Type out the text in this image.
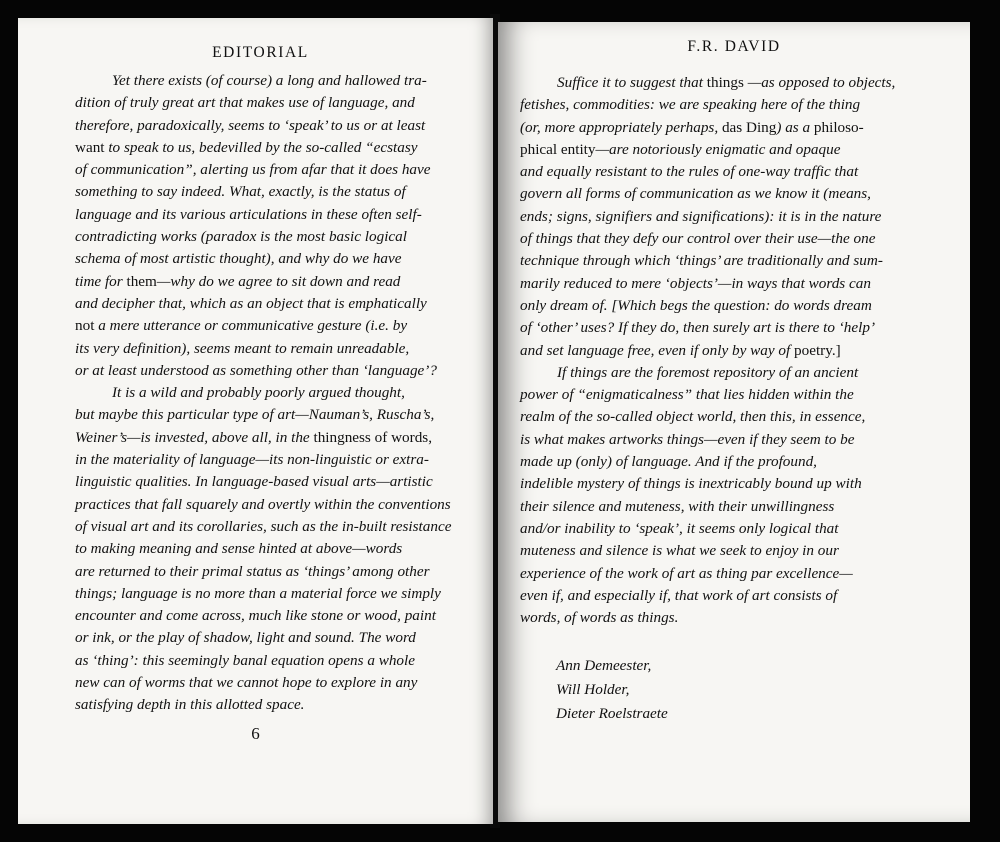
EDITORIAL
Yet there exists (of course) a long and hallowed tra-
dition of truly great art that makes use of language, and
therefore, paradoxically, seems to ‘speak’ to us or at least
want to speak to us, bedevilled by the so-called “ecstasy
of communication”, alerting us from afar that it does have
something to say indeed. What, exactly, is the status of
language and its various articulations in these often self-
contradicting works (paradox is the most basic logical
schema of most artistic thought), and why do we have
time for them—why do we agree to sit down and read
and decipher that, which as an object that is emphatically
not a mere utterance or communicative gesture (i.e. by
its very definition), seems meant to remain unreadable,
or at least understood as something other than ‘language’?
It is a wild and probably poorly argued thought,
but maybe this particular type of art—Nauman’s, Ruscha’s,
Weiner’s—is invested, above all, in the thingness of words,
in the materiality of language—its non-linguistic or extra-
linguistic qualities. In language-based visual arts—artistic
practices that fall squarely and overtly within the conventions
of visual art and its corollaries, such as the in-built resistance
to making meaning and sense hinted at above—words
are returned to their primal status as ‘things’ among other
things; language is no more than a material force we simply
encounter and come across, much like stone or wood, paint
or ink, or the play of shadow, light and sound. The word
as ‘thing’: this seemingly banal equation opens a whole
new can of worms that we cannot hope to explore in any
satisfying depth in this allotted space.
6
F.R. DAVID
Suffice it to suggest that things —as opposed to objects,
fetishes, commodities: we are speaking here of the thing
(or, more appropriately perhaps, das Ding) as a philoso-
phical entity—are notoriously enigmatic and opaque
and equally resistant to the rules of one-way traffic that
govern all forms of communication as we know it (means,
ends; signs, signifiers and significations): it is in the nature
of things that they defy our control over their use—the one
technique through which ‘things’ are traditionally and sum-
marily reduced to mere ‘objects’—in ways that words can
only dream of. [Which begs the question: do words dream
of ‘other’ uses? If they do, then surely art is there to ‘help’
and set language free, even if only by way of poetry.]
If things are the foremost repository of an ancient
power of “enigmaticalness” that lies hidden within the
realm of the so-called object world, then this, in essence,
is what makes artworks things—even if they seem to be
made up (only) of language. And if the profound,
indelible mystery of things is inextricably bound up with
their silence and muteness, with their unwillingness
and/or inability to ‘speak’, it seems only logical that
muteness and silence is what we seek to enjoy in our
experience of the work of art as thing par excellence—
even if, and especially if, that work of art consists of
words, of words as things.
Ann Demeester,
Will Holder,
Dieter Roelstraete
